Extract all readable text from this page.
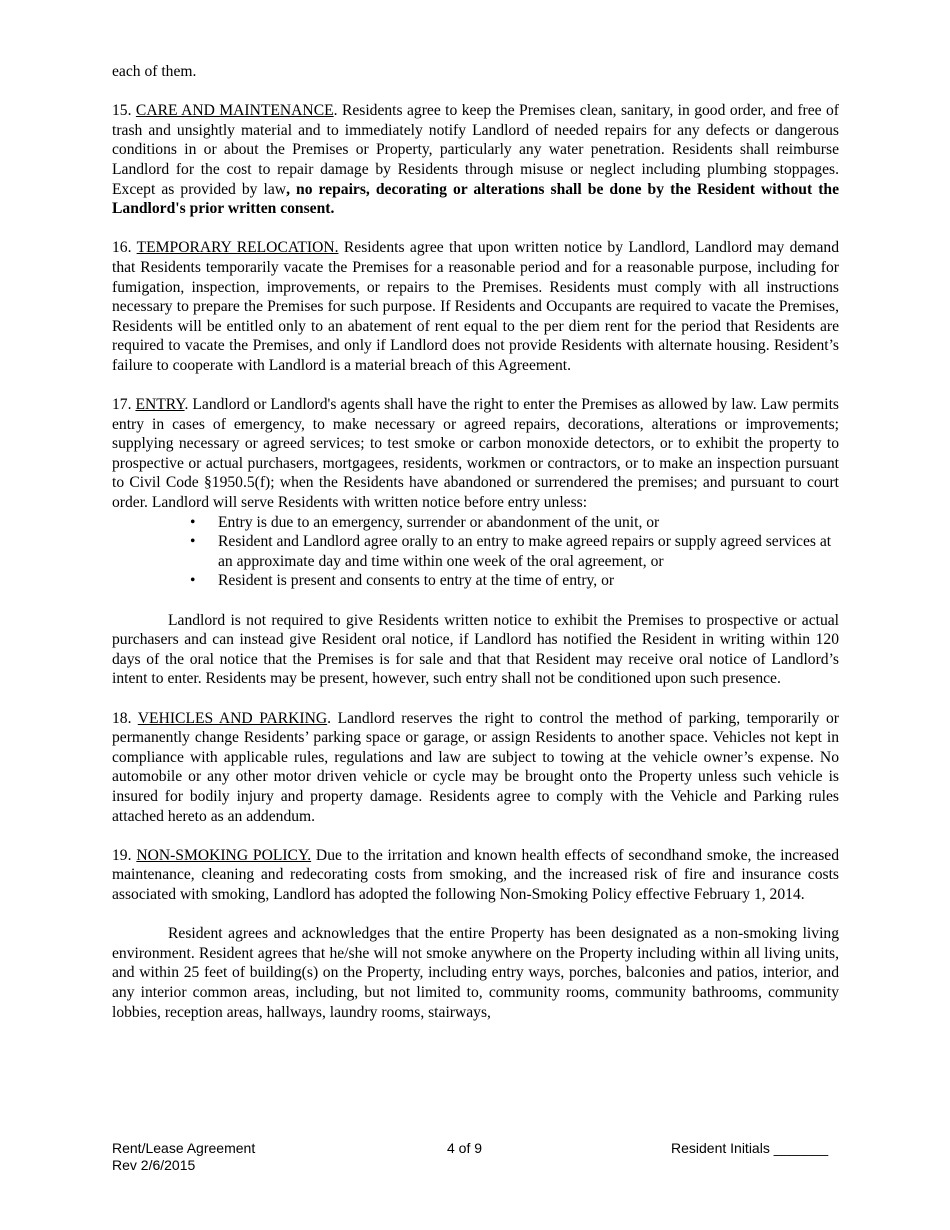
each of them.

15. CARE AND MAINTENANCE. Residents agree to keep the Premises clean, sanitary, in good order, and free of trash and unsightly material and to immediately notify Landlord of needed repairs for any defects or dangerous conditions in or about the Premises or Property, particularly any water penetration. Residents shall reimburse Landlord for the cost to repair damage by Residents through misuse or neglect including plumbing stoppages. Except as provided by law, no repairs, decorating or alterations shall be done by the Resident without the Landlord's prior written consent.

16. TEMPORARY RELOCATION. Residents agree that upon written notice by Landlord, Landlord may demand that Residents temporarily vacate the Premises for a reasonable period and for a reasonable purpose, including for fumigation, inspection, improvements, or repairs to the Premises. Residents must comply with all instructions necessary to prepare the Premises for such purpose. If Residents and Occupants are required to vacate the Premises, Residents will be entitled only to an abatement of rent equal to the per diem rent for the period that Residents are required to vacate the Premises, and only if Landlord does not provide Residents with alternate housing. Resident’s failure to cooperate with Landlord is a material breach of this Agreement.

17. ENTRY. Landlord or Landlord's agents shall have the right to enter the Premises as allowed by law. Law permits entry in cases of emergency, to make necessary or agreed repairs, decorations, alterations or improvements; supplying necessary or agreed services; to test smoke or carbon monoxide detectors, or to exhibit the property to prospective or actual purchasers, mortgagees, residents, workmen or contractors, or to make an inspection pursuant to Civil Code §1950.5(f); when the Residents have abandoned or surrendered the premises; and pursuant to court order. Landlord will serve Residents with written notice before entry unless:

• Entry is due to an emergency, surrender or abandonment of the unit, or
• Resident and Landlord agree orally to an entry to make agreed repairs or supply agreed services at an approximate day and time within one week of the oral agreement, or
• Resident is present and consents to entry at the time of entry, or

Landlord is not required to give Residents written notice to exhibit the Premises to prospective or actual purchasers and can instead give Resident oral notice, if Landlord has notified the Resident in writing within 120 days of the oral notice that the Premises is for sale and that that Resident may receive oral notice of Landlord’s intent to enter. Residents may be present, however, such entry shall not be conditioned upon such presence.

18. VEHICLES AND PARKING. Landlord reserves the right to control the method of parking, temporarily or permanently change Residents’ parking space or garage, or assign Residents to another space. Vehicles not kept in compliance with applicable rules, regulations and law are subject to towing at the vehicle owner’s expense. No automobile or any other motor driven vehicle or cycle may be brought onto the Property unless such vehicle is insured for bodily injury and property damage. Residents agree to comply with the Vehicle and Parking rules attached hereto as an addendum.

19. NON-SMOKING POLICY. Due to the irritation and known health effects of secondhand smoke, the increased maintenance, cleaning and redecorating costs from smoking, and the increased risk of fire and insurance costs associated with smoking, Landlord has adopted the following Non-Smoking Policy effective February 1, 2014.

Resident agrees and acknowledges that the entire Property has been designated as a non-smoking living environment. Resident agrees that he/she will not smoke anywhere on the Property including within all living units, and within 25 feet of building(s) on the Property, including entry ways, porches, balconies and patios, interior, and any interior common areas, including, but not limited to, community rooms, community bathrooms, community lobbies, reception areas, hallways, laundry rooms, stairways,

Rent/Lease Agreement
Rev 2/6/2015
4 of 9	Resident Initials _______
